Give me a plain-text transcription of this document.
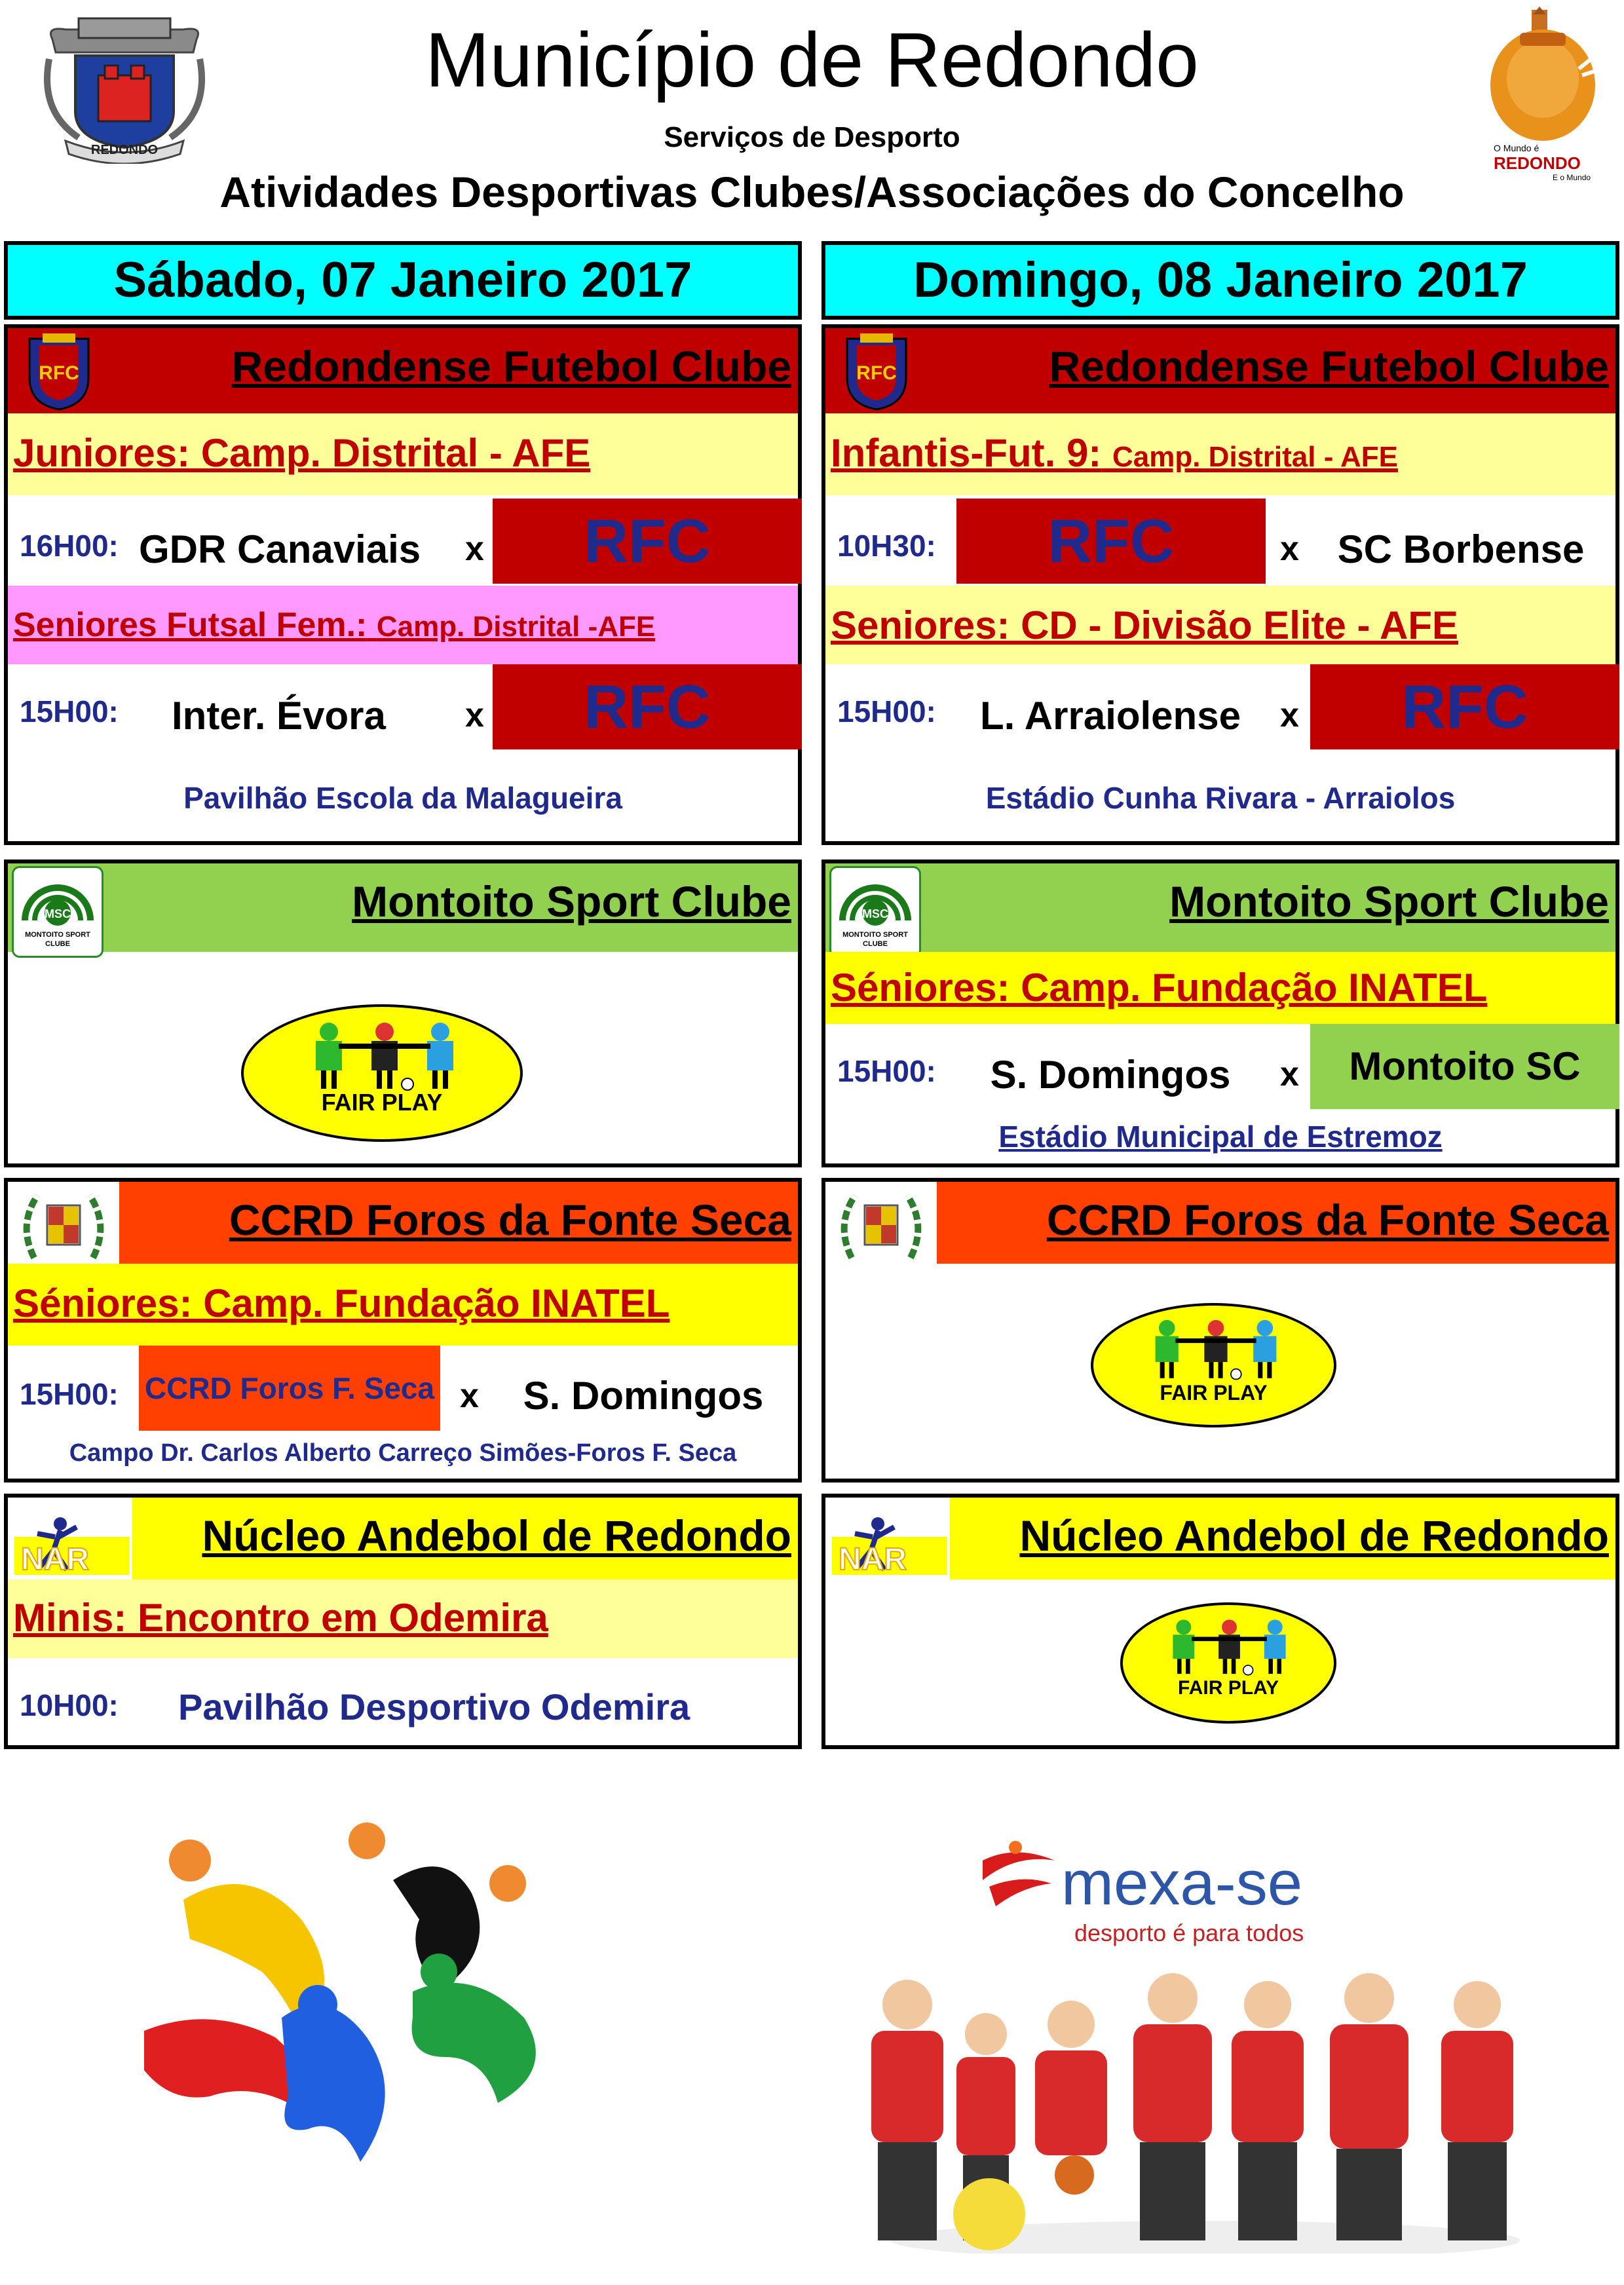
REDONDO
Município de Redondo
Serviços de Desporto
Atividades Desportivas Clubes/Associações do Concelho
O Mundo é
REDONDO
E o Mundo
Sábado, 07 Janeiro 2017	Domingo, 08 Janeiro 2017
RFC	Redondense Futebol Clube
Juniores: Camp. Distrital - AFE
16H00: GDR Canaviais x	RFC
Seniores Futsal Fem.: Camp. Distrital -AFE
15H00: Inter. Évora x	RFC
Pavilhão Escola da Malagueira
RFC	Redondense Futebol Clube
Infantis-Fut. 9: Camp. Distrital - AFE
10H30:	RFC	x SC Borbense
Seniores: CD - Divisão Elite - AFE
15H00: L. Arraiolense	x	RFC
Estádio Cunha Rivara - Arraiolos
MSC
MONTOITO SPORT CLUBE
Montoito Sport Clube
FAIR PLAY
MSC
MONTOITO SPORT CLUBE
Montoito Sport Clube
Séniores: Camp. Fundação INATEL
15H00:	S. Domingos	x	Montoito SC
Estádio Municipal de Estremoz
CCRD Foros da Fonte Seca
Séniores: Camp. Fundação INATEL
15H00: CCRD Foros F. Seca x	S. Domingos
Campo Dr. Carlos Alberto Carreço Simões-Foros F. Seca
CCRD Foros da Fonte Seca
FAIR PLAY
NAR	Núcleo Andebol de Redondo
Minis: Encontro em Odemira
10H00: Pavilhão Desportivo Odemira
NAR	Núcleo Andebol de Redondo
FAIR PLAY
mexa-se
desporto é para todos
